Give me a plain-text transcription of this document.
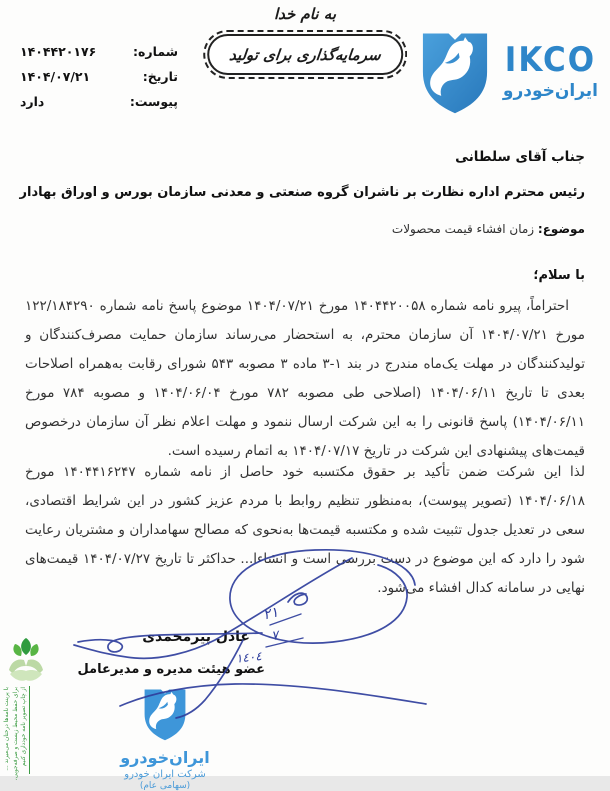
به نام خدا
سرمایه‌گذاری برای تولید	IKCO
ایران‌خودرو
شماره:
۱۴۰۴۴۲۰۱۷۶
تاریخ:
۱۴۰۴/۰۷/۲۱
پیوست:
دارد
جناب آقای سلطانی
رئیس محترم اداره نظارت بر ناشران گروه صنعتی و معدنی سازمان بورس و اوراق بهادار
موضوع: زمان افشاء قیمت محصولات
با سلام؛

احتراماً، پیرو نامه شماره ۱۴۰۴۴۲۰۰۵۸ مورخ ۱۴۰۴/۰۷/۲۱ موضوع پاسخ نامه شماره ۱۲۲/۱۸۴۲۹۰ مورخ ۱۴۰۴/۰۷/۲۱ آن سازمان محترم، به استحضار می‌رساند سازمان حمایت مصرف‌کنندگان و تولیدکنندگان در مهلت یک‌ماه مندرج در بند ۱-۳ ماده ۳ مصوبه ۵۴۳ شورای رقابت به‌همراه اصلاحات بعدی تا تاریخ ۱۴۰۴/۰۶/۱۱ (اصلاحی طی مصوبه ۷۸۲ مورخ ۱۴۰۴/۰۶/۰۴ و مصوبه ۷۸۴ مورخ ۱۴۰۴/۰۶/۱۱) پاسخ قانونی را به این شرکت ارسال ننمود و مهلت اعلام نظر آن سازمان درخصوص قیمت‌های پیشنهادی این شرکت در تاریخ ۱۴۰۴/۰۷/۱۷ به اتمام رسیده است.

لذا این شرکت ضمن تأکید بر حقوق مکتسبه خود حاصل از نامه شماره ۱۴۰۴۴۱۶۲۴۷ مورخ ۱۴۰۴/۰۶/۱۸ (تصویر پیوست)، به‌منظور تنظیم روابط با مردم عزیز کشور در این شرایط اقتصادی، سعی در تعدیل جدول تثبیت شده و مکتسبه قیمت‌ها به‌نحوی که مصالح سهامداران و مشتریان رعایت شود را دارد که این موضوع در دست بررسی است و انشاءا... حداکثر تا تاریخ ۱۴۰۴/۰۷/۲۷ قیمت‌های نهایی در سامانه کدال افشاء می‌شود.

عادل پیرمحمدی
عضو هیئت مدیره و مدیرعامل
۲۱
۷
١٤٠٤
ایران‌خودرو
شرکت ایران خودرو
(سهامی عام)
با پرینت نامه‌ها درختان می‌میرند ... برای حفظ محیط زیست و صرفه‌جویی، از چاپ تصویر نامه خودداری کنیم
